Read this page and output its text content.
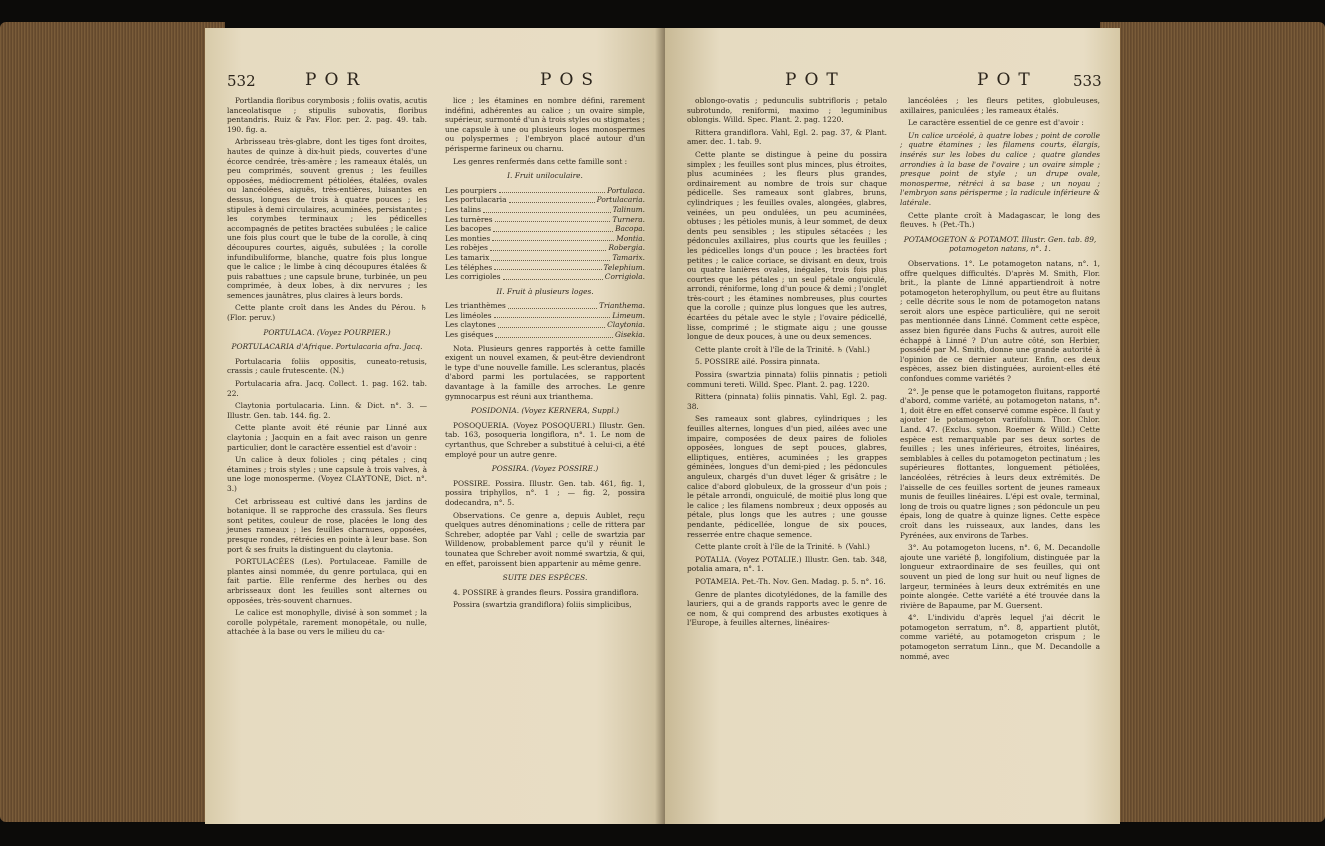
532	POR	POS

Portlandia floribus corymbosis ; foliis ovatis, acutis lanceolatisque ; stipulis subovatis, floribus pentandris. Ruiz & Pav. Flor. per. 2. pag. 49. tab. 190. fig. a.

Arbrisseau très-glabre, dont les tiges font droites, hautes de quinze à dix-huit pieds, couvertes d'une écorce cendrée, très-amère ; les rameaux étalés, un peu comprimés, souvent grenus ; les feuilles opposées, médiocrement pétiolées, étalées, ovales ou lancéolées, aiguës, très-entières, luisantes en dessus, longues de trois à quatre pouces ; les stipules à demi circulaires, acuminées, persistantes ; les corymbes terminaux ; les pédicelles accompagnés de petites bractées subulées ; le calice une fois plus court que le tube de la corolle, à cinq découpures courtes, aiguës, subulées ; la corolle infundibuliforme, blanche, quatre fois plus longue que le calice ; le limbe à cinq découpures étalées & puis rabattues ; une capsule brune, turbinée, un peu comprimée, à deux lobes, à dix nervures ; les semences jaunâtres, plus claires à leurs bords.

Cette plante croît dans les Andes du Pérou. ♄ (Flor. peruv.)

PORTULACA. (Voyez POURPIER.)

PORTULACARIA d'Afrique. Portulacaria afra. Jacq.

Portulacaria foliis oppositis, cuneato-retusis, crassis ; caule frutescente. (N.)

Portulacaria afra. Jacq. Collect. 1. pag. 162. tab. 22.

Claytonia portulacaria. Linn. & Dict. n°. 3. — Illustr. Gen. tab. 144. fig. 2.

Cette plante avoit été réunie par Linné aux claytonia ; Jacquin en a fait avec raison un genre particulier, dont le caractère essentiel est d'avoir :

Un calice à deux folioles ; cinq pétales ; cinq étamines ; trois styles ; une capsule à trois valves, à une loge monosperme. (Voyez CLAYTONE, Dict. n°. 3.)

Cet arbrisseau est cultivé dans les jardins de botanique. Il se rapproche des crassula. Ses fleurs sont petites, couleur de rose, placées le long des jeunes rameaux ; les feuilles charnues, opposées, presque rondes, rétrécies en pointe à leur base. Son port & ses fruits la distinguent du claytonia.

PORTULACÉES (Les). Portulaceae. Famille de plantes ainsi nommée, du genre portulaca, qui en fait partie. Elle renferme des herbes ou des arbrisseaux dont les feuilles sont alternes ou opposées, très-souvent charnues.

Le calice est monophylle, divisé à son sommet ; la corolle polypétale, rarement monopétale, ou nulle, attachée à la base ou vers le milieu du ca-

lice ; les étamines en nombre défini, rarement indéfini, adhérentes au calice ; un ovaire simple, supérieur, surmonté d'un à trois styles ou stigmates ; une capsule à une ou plusieurs loges monospermes ou polyspermes ; l'embryon placé autour d'un périsperme farineux ou charnu.

Les genres renfermés dans cette famille sont :

I. Fruit uniloculaire.

Les pourpiers	Portulaca.
Les portulacaria	Portulacaria.
Les talins	Talinum.
Les turnères	Turnera.
Les bacopes	Bacopa.
Les monties	Montia.
Les robèjes	Robergia.
Les tamarix	Tamarix.
Les téléphes	Telephium.
Les corrigioles	Corrigiola.

II. Fruit à plusieurs loges.

Les trianthèmes	Trianthema.
Les liméoles	Limeum.
Les claytones	Claytonia.
Les giséques	Gisekia.

Nota. Plusieurs genres rapportés à cette famille exigent un nouvel examen, & peut-être deviendront le type d'une nouvelle famille. Les sclerantus, placés d'abord parmi les portulacées, se rapportent davantage à la famille des arroches. Le genre gymnocarpus est réuni aux trianthema.

POSIDONIA. (Voyez KERNERA, Suppl.)

POSOQUERIA. (Voyez POSOQUERI.) Illustr. Gen. tab. 163, posoqueria longiflora, n°. 1. Le nom de cyrtanthus, que Schreber a substitué à celui-ci, a été employé pour un autre genre.

POSSIRA. (Voyez POSSIRE.)

POSSIRE. Possira. Illustr. Gen. tab. 461, fig. 1, possira triphyllos, n°. 1 ; — fig. 2, possira dodecandra, n°. 5.

Observations. Ce genre a, depuis Aublet, reçu quelques autres dénominations ; celle de rittera par Schreber, adoptée par Vahl ; celle de swartzia par Willdenow, probablement parce qu'il y réunit le tounatea que Schreber avoit nommé swartzia, & qui, en effet, paroissent bien appartenir au même genre.

SUITE DES ESPÈCES.

4. POSSIRE à grandes fleurs. Possira grandiflora.

Possira (swartzia grandiflora) foliis simplicibus,

POT	POT 533

oblongo-ovatis ; pedunculis subtrifloris ; petalo subrotundo, reniformi, maximo ; leguminibus oblongis. Willd. Spec. Plant. 2. pag. 1220.

Rittera grandiflora. Vahl, Egl. 2. pag. 37, & Plant. amer. dec. 1. tab. 9.

Cette plante se distingue à peine du possira simplex ; les feuilles sont plus minces, plus étroites, plus acuminées ; les fleurs plus grandes, ordinairement au nombre de trois sur chaque pédicelle. Ses rameaux sont glabres, bruns, cylindriques ; les feuilles ovales, alongées, glabres, veinées, un peu ondulées, un peu acuminées, obtuses ; les pétioles munis, à leur sommet, de deux dents peu sensibles ; les stipules sétacées ; les pédoncules axillaires, plus courts que les feuilles ; les pédicelles longs d'un pouce ; les bractées fort petites ; le calice coriace, se divisant en deux, trois ou quatre lanières ovales, inégales, trois fois plus courtes que les pétales ; un seul pétale onguiculé, arrondi, réniforme, long d'un pouce & demi ; l'onglet très-court ; les étamines nombreuses, plus courtes que la corolle ; quinze plus longues que les autres, écartées du pétale avec le style ; l'ovaire pédicellé, lisse, comprimé ; le stigmate aigu ; une gousse longue de deux pouces, à une ou deux semences.

Cette plante croît à l'île de la Trinité. ♄ (Vahl.)

5. POSSIRE ailé. Possira pinnata.

Possira (swartzia pinnata) foliis pinnatis ; petioli communi tereti. Willd. Spec. Plant. 2. pag. 1220.

Rittera (pinnata) foliis pinnatis. Vahl, Egl. 2. pag. 38.

Ses rameaux sont glabres, cylindriques ; les feuilles alternes, longues d'un pied, ailées avec une impaire, composées de deux paires de folioles opposées, longues de sept pouces, glabres, elliptiques, entières, acuminées ; les grappes géminées, longues d'un demi-pied ; les pédoncules anguleux, chargés d'un duvet léger & grisâtre ; le calice d'abord globuleux, de la grosseur d'un pois ; le pétale arrondi, onguiculé, de moitié plus long que le calice ; les filamens nombreux ; deux opposés au pétale, plus longs que les autres ; une gousse pendante, pédicellée, longue de six pouces, resserrée entre chaque semence.

Cette plante croît à l'île de la Trinité. ♄ (Vahl.)

POTALIA. (Voyez POTALIE.) Illustr. Gen. tab. 348, potalia amara, n°. 1.

POTAMEIA. Pet.-Th. Nov. Gen. Madag. p. 5. n°. 16.

Genre de plantes dicotylédones, de la famille des lauriers, qui a de grands rapports avec le genre de ce nom, & qui comprend des arbustes exotiques à l'Europe, à feuilles alternes, linéaires-

lancéolées ; les fleurs petites, globuleuses, axillaires, paniculées ; les rameaux étalés.

Le caractère essentiel de ce genre est d'avoir :

Un calice urcéolé, à quatre lobes ; point de corolle ; quatre étamines ; les filamens courts, élargis, insérés sur les lobes du calice ; quatre glandes arrondies à la base de l'ovaire ; un ovaire simple ; presque point de style ; un drupe ovale, monosperme, rétréci à sa base ; un noyau ; l'embryon sans périsperme ; la radicule inférieure & latérale.

Cette plante croît à Madagascar, le long des fleuves. ♄ (Pet.-Th.)

POTAMOGETON & POTAMOT. Illustr. Gen. tab. 89, potamogeton natans, n°. 1.

Observations. 1°. Le potamogeton natans, n°. 1, offre quelques difficultés. D'après M. Smith, Flor. brit., la plante de Linné appartiendroit à notre potamogeton heterophyllum, ou peut être au fluitans ; celle décrite sous le nom de potamogeton natans seroit alors une espèce particulière, qui ne seroit pas mentionnée dans Linné. Comment cette espèce, assez bien figurée dans Fuchs & autres, auroit elle échappé à Linné ? D'un autre côté, son Herbier, possédé par M. Smith, donne une grande autorité à l'opinion de ce dernier auteur. Enfin, ces deux espèces, assez bien distinguées, auroient-elles été confondues comme variétés ?

2°. Je pense que le potamogeton fluitans, rapporté d'abord, comme variété, au potamogeton natans, n°. 1, doit être en effet conservé comme espèce. Il faut y ajouter le potamogeton variifolium. Thor. Chlor. Land. 47. (Exclus. synon. Roemer & Willd.) Cette espèce est remarquable par ses deux sortes de feuilles ; les unes inférieures, étroites, linéaires, semblables à celles du potamogeton pectinatum ; les supérieures flottantes, longuement pétiolées, lancéolées, rétrécies à leurs deux extrémités. De l'aisselle de ces feuilles sortent de jeunes rameaux munis de feuilles linéaires. L'épi est ovale, terminal, long de trois ou quatre lignes ; son pédoncule un peu épais, long de quatre à quinze lignes. Cette espèce croît dans les ruisseaux, aux landes, dans les Pyrénées, aux environs de Tarbes.

3°. Au potamogeton lucens, n°. 6, M. Decandolle ajoute une variété β, longifolium, distinguée par la longueur extraordinaire de ses feuilles, qui ont souvent un pied de long sur huit ou neuf lignes de largeur, terminées à leurs deux extrémités en une pointe alongée. Cette variété a été trouvée dans la rivière de Bapaume, par M. Guersent.

4°. L'individu d'après lequel j'ai décrit le potamogeton serratum, n°. 8, appartient plutôt, comme variété, au potamogeton crispum ; le potamogeton serratum Linn., que M. Decandolle a nommé, avec
